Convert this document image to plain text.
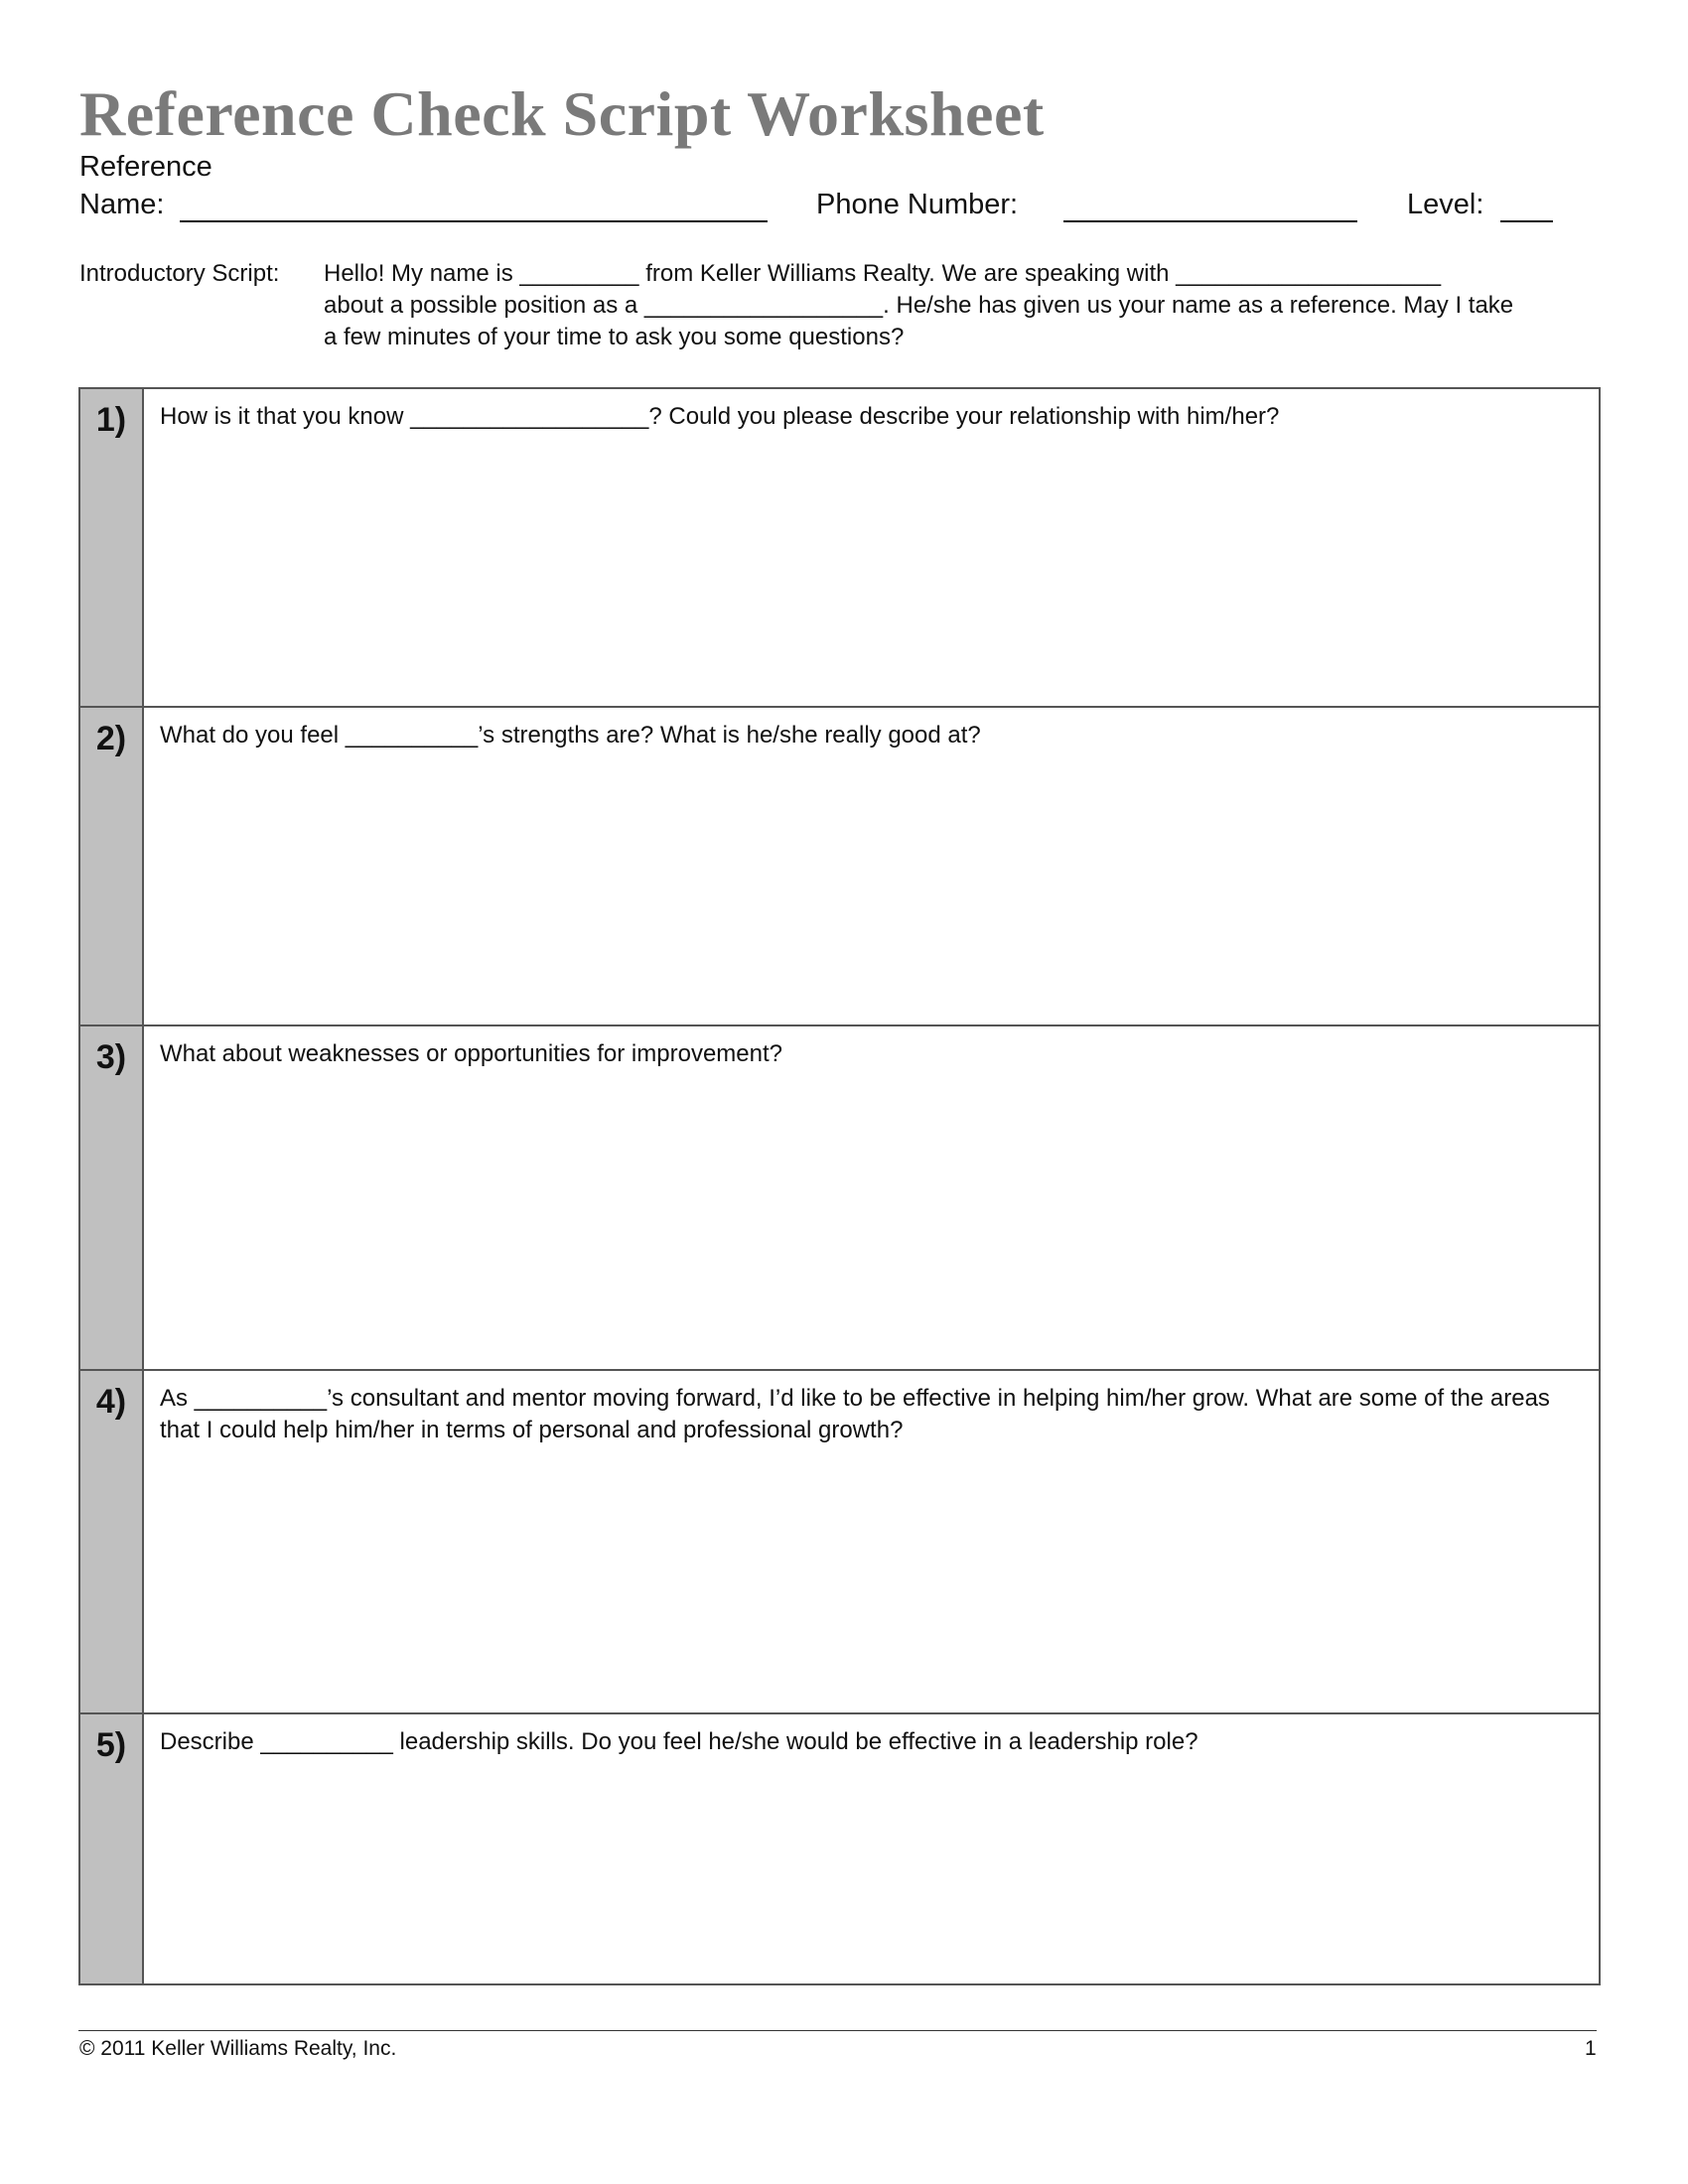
Reference Check Script Worksheet
Reference
Name:	Phone Number:	Level:
Introductory Script: Hello! My name is _________ from Keller Williams Realty. We are speaking with ____________________
about a possible position as a __________________. He/she has given us your name as a reference. May I take
a few minutes of your time to ask you some questions?
1)	How is it that you know __________________? Could you please describe your relationship with him/her?
2)	What do you feel __________’s strengths are? What is he/she really good at?
3)	What about weaknesses or opportunities for improvement?
4)	As __________’s consultant and mentor moving forward, I’d like to be effective in helping him/her grow. What are some of the areas that I could help him/her in terms of personal and professional growth?
5)	Describe __________ leadership skills. Do you feel he/she would be effective in a leadership role?
© 2011 Keller Williams Realty, Inc.	1
